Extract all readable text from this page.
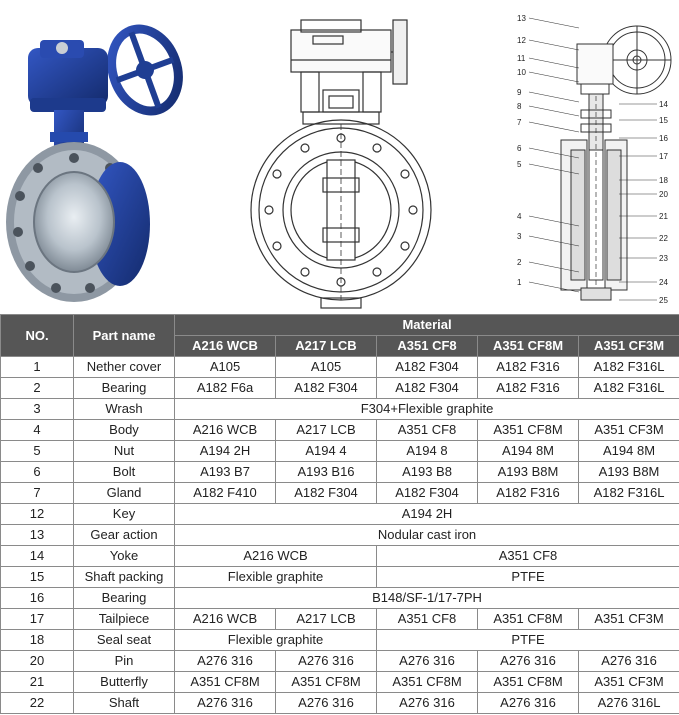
13
12
11
10
9
8
7
6
5
4
3
2
1
14
15
16
17
18
20
21
22
23
24
25
NO.	Part name	Material				
		A216 WCB	A217 LCB	A351 CF8	A351 CF8M	A351 CF3M
1	Nether cover	A105	A105	A182 F304	A182 F316	A182 F316L
2	Bearing	A182 F6a	A182 F304	A182 F304	A182 F316	A182 F316L
3	Wrash	F304+Flexible graphite				
4	Body	A216 WCB	A217 LCB	A351 CF8	A351 CF8M	A351 CF3M
5	Nut	A194 2H	A194 4	A194 8	A194 8M	A194 8M
6	Bolt	A193 B7	A193 B16	A193 B8	A193 B8M	A193 B8M
7	Gland	A182 F410	A182 F304	A182 F304	A182 F316	A182 F316L
12	Key	A194 2H				
13	Gear action	Nodular cast iron				
14	Yoke	A216 WCB		A351 CF8		
15	Shaft packing	Flexible graphite		PTFE		
16	Bearing	B148/SF-1/17-7PH				
17	Tailpiece	A216 WCB	A217 LCB	A351 CF8	A351 CF8M	A351 CF3M
18	Seal seat	Flexible graphite		PTFE		
20	Pin	A276 316	A276 316	A276 316	A276 316	A276 316
21	Butterfly	A351 CF8M	A351 CF8M	A351 CF8M	A351 CF8M	A351 CF3M
22	Shaft	A276 316	A276 316	A276 316	A276 316	A276 316L
